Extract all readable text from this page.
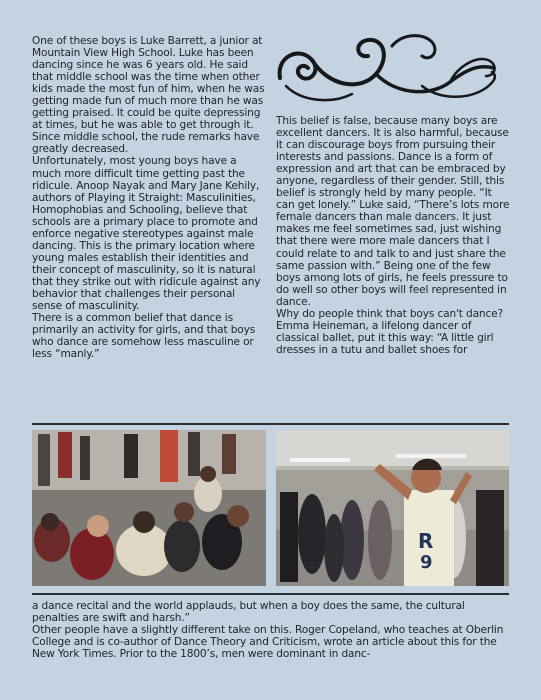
One of these boys is Luke Barrett, a junior at Mountain View High School. Luke has been dancing since he was 6 years old. He said that middle school was the time when other kids made the most fun of him, when he was getting made fun of much more than he was getting praised. It could be quite depressing at times, but he was able to get through it. Since middle school, the rude remarks have greatly decreased.

Unfortunately, most young boys have a much more difficult time getting past the ridicule. Anoop Nayak and Mary Jane Kehily, authors of Playing it Straight: Masculinities, Homophobias and Schooling, believe that schools are a primary place to promote and enforce negative stereotypes against male dancing. This is the primary location where young males establish their identities and their concept of masculinity, so it is natural that they strike out with ridicule against any behavior that challenges their personal sense of masculinity.

There is a common belief that dance is primarily an activity for girls, and that boys who dance are somehow less masculine or less “manly.”

This belief is false, because many boys are excellent dancers. It is also harmful, because it can discourage boys from pursuing their interests and passions. Dance is a form of expression and art that can be embraced by anyone, regardless of their gender. Still, this belief is strongly held by many people. “It can get lonely.” Luke said, “There’s lots more female dancers than male dancers. It just makes me feel sometimes sad, just wishing that there were more male dancers that I could relate to and talk to and just share the same passion with.” Being one of the few boys among lots of girls, he feels pressure to do well so other boys will feel represented in dance.

Why do people think that boys can't dance? Emma Heineman, a lifelong dancer of classical ballet, put it this way: “A little girl dresses in a tutu and ballet shoes for

R
9

a dance recital and the world applauds, but when a boy does the same, the cultural penalties are swift and harsh.”

Other people have a slightly different take on this. Roger Copeland, who teaches at Oberlin College and is co-author of Dance Theory and Criticism, wrote an article about this for the New York Times. Prior to the 1800’s, men were dominant in danc-
